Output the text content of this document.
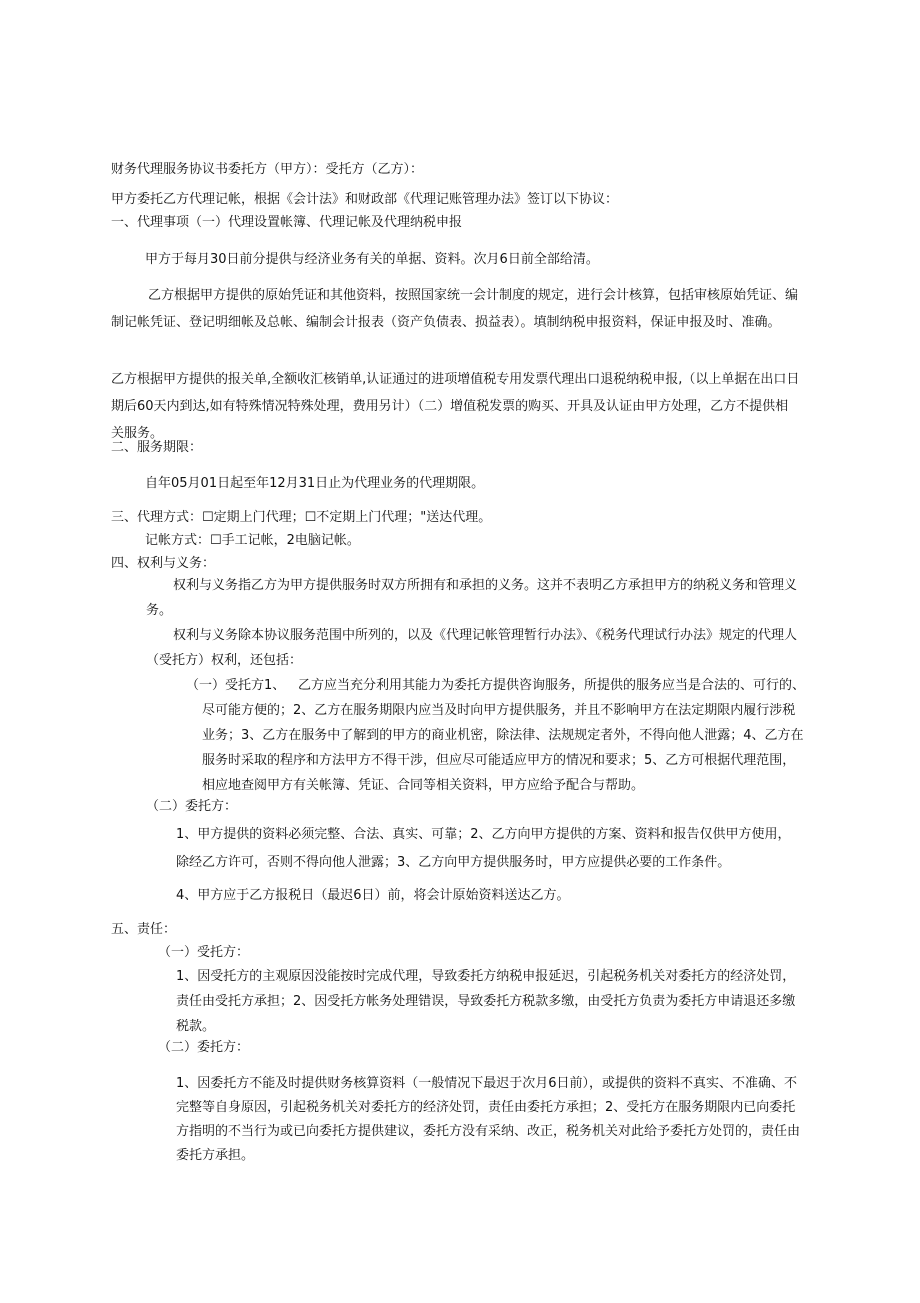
财务代理服务协议书委托方（甲方）：受托方（乙方）：
甲方委托乙方代理记帐，根据《会计法》和财政部《代理记账管理办法》签订以下协议：
一、代理事项（一）代理设置帐簿、代理记帐及代理纳税申报
甲方于每月30日前分提供与经济业务有关的单据、资料。次月6日前全部给清。
乙方根据甲方提供的原始凭证和其他资料，按照国家统一会计制度的规定，进行会计核算，包括审核原始凭证、编制记帐凭证、登记明细帐及总帐、编制会计报表（资产负债表、损益表）。填制纳税申报资料，保证申报及时、准确。
乙方根据甲方提供的报关单,全额收汇核销单,认证通过的进项增值税专用发票代理出口退税纳税申报,（以上单据在出口日期后60天内到达,如有特殊情况特殊处理，费用另计）（二）增值税发票的购买、开具及认证由甲方处理，乙方不提供相关服务。
二、服务期限：
自年05月01日起至年12月31日止为代理业务的代理期限。
三、代理方式：☐定期上门代理；☐不定期上门代理；"送达代理。
记帐方式：☐手工记帐，2电脑记帐。
四、权利与义务：
权利与义务指乙方为甲方提供服务时双方所拥有和承担的义务。这并不表明乙方承担甲方的纳税义务和管理义务。
权利与义务除本协议服务范围中所列的，以及《代理记帐管理暂行办法》、《税务代理试行办法》规定的代理人（受托方）权利，还包括：
（一）受托方1、 乙方应当充分利用其能力为委托方提供咨询服务，所提供的服务应当是合法的、可行的、尽可能方便的；2、乙方在服务期限内应当及时向甲方提供服务，并且不影响甲方在法定期限内履行涉税业务；3、乙方在服务中了解到的甲方的商业机密，除法律、法规规定者外，不得向他人泄露；4、乙方在服务时采取的程序和方法甲方不得干涉，但应尽可能适应甲方的情况和要求；5、乙方可根据代理范围，相应地查阅甲方有关帐簿、凭证、合同等相关资料，甲方应给予配合与帮助。
（二）委托方：
1、甲方提供的资料必须完整、合法、真实、可靠；2、乙方向甲方提供的方案、资料和报告仅供甲方使用，除经乙方许可，否则不得向他人泄露；3、乙方向甲方提供服务时，甲方应提供必要的工作条件。
4、甲方应于乙方报税日（最迟6日）前，将会计原始资料送达乙方。
五、责任：
（一）受托方：
1、因受托方的主观原因没能按时完成代理，导致委托方纳税申报延迟，引起税务机关对委托方的经济处罚，责任由受托方承担；2、因受托方帐务处理错误，导致委托方税款多缴，由受托方负责为委托方申请退还多缴税款。
（二）委托方：
1、因委托方不能及时提供财务核算资料（一般情况下最迟于次月6日前），或提供的资料不真实、不准确、不完整等自身原因，引起税务机关对委托方的经济处罚，责任由委托方承担；2、受托方在服务期限内已向委托方指明的不当行为或已向委托方提供建议，委托方没有采纳、改正，税务机关对此给予委托方处罚的，责任由委托方承担。
